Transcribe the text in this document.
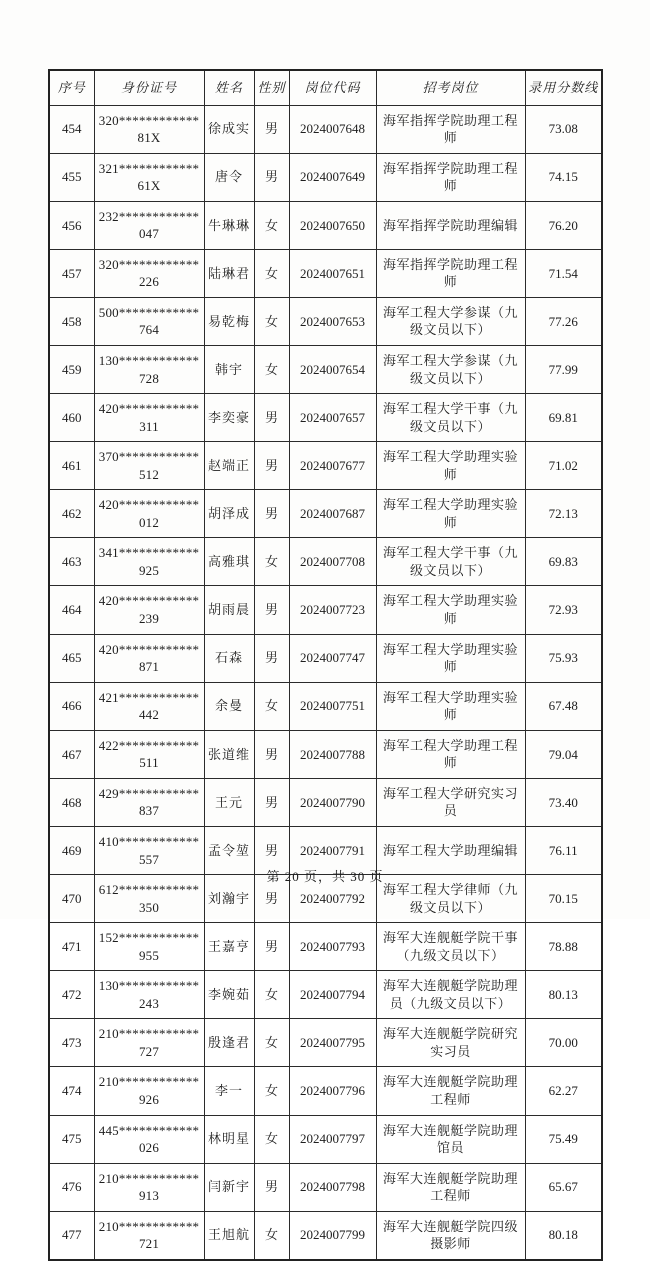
序号	身份证号	姓名	性别	岗位代码	招考岗位	录用分数线
454	320************81X	徐成实	男	2024007648	海军指挥学院助理工程师	73.08
455	321************61X	唐令	男	2024007649	海军指挥学院助理工程师	74.15
456	232************047	牛琳琳	女	2024007650	海军指挥学院助理编辑	76.20
457	320************226	陆琳君	女	2024007651	海军指挥学院助理工程师	71.54
458	500************764	易乾梅	女	2024007653	海军工程大学参谋（九级文员以下）	77.26
459	130************728	韩宇	女	2024007654	海军工程大学参谋（九级文员以下）	77.99
460	420************311	李奕豪	男	2024007657	海军工程大学干事（九级文员以下）	69.81
461	370************512	赵端正	男	2024007677	海军工程大学助理实验师	71.02
462	420************012	胡泽成	男	2024007687	海军工程大学助理实验师	72.13
463	341************925	高雅琪	女	2024007708	海军工程大学干事（九级文员以下）	69.83
464	420************239	胡雨晨	男	2024007723	海军工程大学助理实验师	72.93
465	420************871	石森	男	2024007747	海军工程大学助理实验师	75.93
466	421************442	余曼	女	2024007751	海军工程大学助理实验师	67.48
467	422************511	张道维	男	2024007788	海军工程大学助理工程师	79.04
468	429************837	王元	男	2024007790	海军工程大学研究实习员	73.40
469	410************557	孟令堃	男	2024007791	海军工程大学助理编辑	76.11
470	612************350	刘瀚宇	男	2024007792	海军工程大学律师（九级文员以下）	70.15
471	152************955	王嘉亨	男	2024007793	海军大连舰艇学院干事（九级文员以下）	78.88
472	130************243	李婉茹	女	2024007794	海军大连舰艇学院助理员（九级文员以下）	80.13
473	210************727	殷逢君	女	2024007795	海军大连舰艇学院研究实习员	70.00
474	210************926	李一	女	2024007796	海军大连舰艇学院助理工程师	62.27
475	445************026	林明星	女	2024007797	海军大连舰艇学院助理馆员	75.49
476	210************913	闫新宇	男	2024007798	海军大连舰艇学院助理工程师	65.67
477	210************721	王旭航	女	2024007799	海军大连舰艇学院四级摄影师	80.18
第 20 页，共 30 页
